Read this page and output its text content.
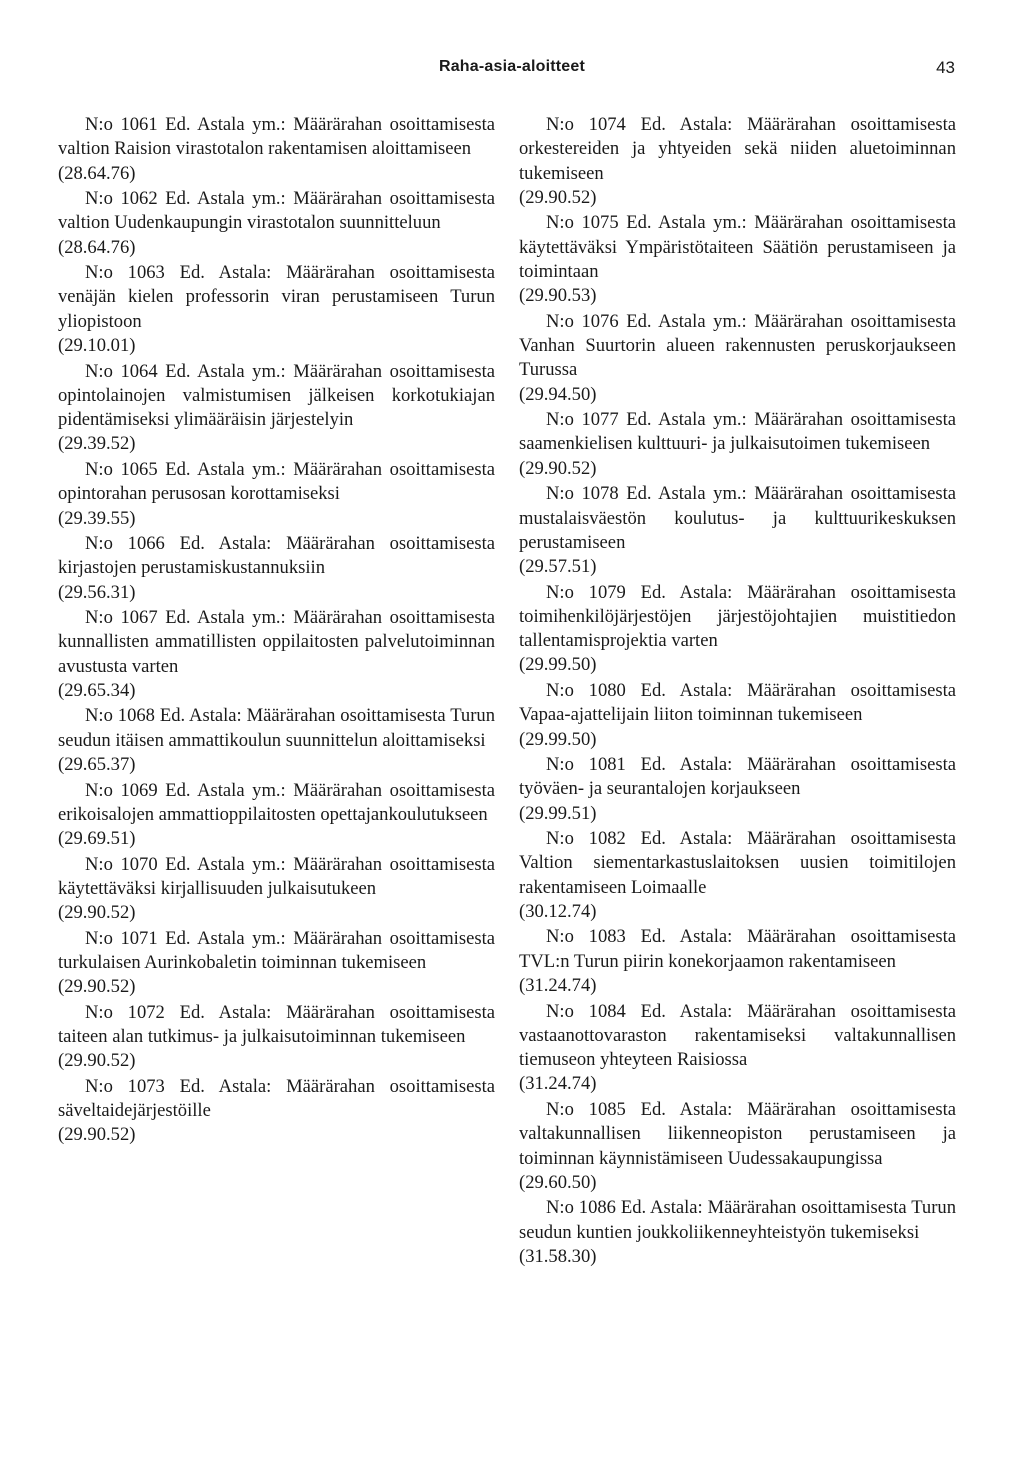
Raha-asia-aloitteet	43

N:o 1061 Ed. Astala ym.: Määrärahan osoittamisesta valtion Raision virastotalon rakentamisen aloittamiseen

(28.64.76)

N:o 1062 Ed. Astala ym.: Määrärahan osoittamisesta valtion Uudenkaupungin virastotalon suunnitteluun

(28.64.76)

N:o 1063 Ed. Astala: Määrärahan osoittamisesta venäjän kielen professorin viran perustamiseen Turun yliopistoon

(29.10.01)

N:o 1064 Ed. Astala ym.: Määrärahan osoittamisesta opintolainojen valmistumisen jälkeisen korkotukiajan pidentämiseksi ylimääräisin järjestelyin

(29.39.52)

N:o 1065 Ed. Astala ym.: Määrärahan osoittamisesta opintorahan perusosan korottamiseksi

(29.39.55)

N:o 1066 Ed. Astala: Määrärahan osoittamisesta kirjastojen perustamiskustannuksiin

(29.56.31)

N:o 1067 Ed. Astala ym.: Määrärahan osoittamisesta kunnallisten ammatillisten oppilaitosten palvelutoiminnan avustusta varten

(29.65.34)

N:o 1068 Ed. Astala: Määrärahan osoittamisesta Turun seudun itäisen ammattikoulun suunnittelun aloittamiseksi

(29.65.37)

N:o 1069 Ed. Astala ym.: Määrärahan osoittamisesta erikoisalojen ammattioppilaitosten opettajankoulutukseen

(29.69.51)

N:o 1070 Ed. Astala ym.: Määrärahan osoittamisesta käytettäväksi kirjallisuuden julkaisutukeen

(29.90.52)

N:o 1071 Ed. Astala ym.: Määrärahan osoittamisesta turkulaisen Aurinkobaletin toiminnan tukemiseen

(29.90.52)

N:o 1072 Ed. Astala: Määrärahan osoittamisesta taiteen alan tutkimus- ja julkaisutoiminnan tukemiseen

(29.90.52)

N:o 1073 Ed. Astala: Määrärahan osoittamisesta säveltaidejärjestöille

(29.90.52)

N:o 1074 Ed. Astala: Määrärahan osoittamisesta orkestereiden ja yhtyeiden sekä niiden aluetoiminnan tukemiseen

(29.90.52)

N:o 1075 Ed. Astala ym.: Määrärahan osoittamisesta käytettäväksi Ympäristötaiteen Säätiön perustamiseen ja toimintaan

(29.90.53)

N:o 1076 Ed. Astala ym.: Määrärahan osoittamisesta Vanhan Suurtorin alueen rakennusten peruskorjaukseen Turussa

(29.94.50)

N:o 1077 Ed. Astala ym.: Määrärahan osoittamisesta saamenkielisen kulttuuri- ja julkaisutoimen tukemiseen

(29.90.52)

N:o 1078 Ed. Astala ym.: Määrärahan osoittamisesta mustalaisväestön koulutus- ja kulttuurikeskuksen perustamiseen

(29.57.51)

N:o 1079 Ed. Astala: Määrärahan osoittamisesta toimihenkilöjärjestöjen järjestöjohtajien muistitiedon tallentamisprojektia varten

(29.99.50)

N:o 1080 Ed. Astala: Määrärahan osoittamisesta Vapaa-ajattelijain liiton toiminnan tukemiseen

(29.99.50)

N:o 1081 Ed. Astala: Määrärahan osoittamisesta työväen- ja seurantalojen korjaukseen

(29.99.51)

N:o 1082 Ed. Astala: Määrärahan osoittamisesta Valtion siementarkastuslaitoksen uusien toimitilojen rakentamiseen Loimaalle

(30.12.74)

N:o 1083 Ed. Astala: Määrärahan osoittamisesta TVL:n Turun piirin konekorjaamon rakentamiseen

(31.24.74)

N:o 1084 Ed. Astala: Määrärahan osoittamisesta vastaanottovaraston rakentamiseksi valtakunnallisen tiemuseon yhteyteen Raisiossa

(31.24.74)

N:o 1085 Ed. Astala: Määrärahan osoittamisesta valtakunnallisen liikenneopiston perustamiseen ja toiminnan käynnistämiseen Uudessakaupungissa

(29.60.50)

N:o 1086 Ed. Astala: Määrärahan osoittamisesta Turun seudun kuntien joukkoliikenneyhteistyön tukemiseksi

(31.58.30)
